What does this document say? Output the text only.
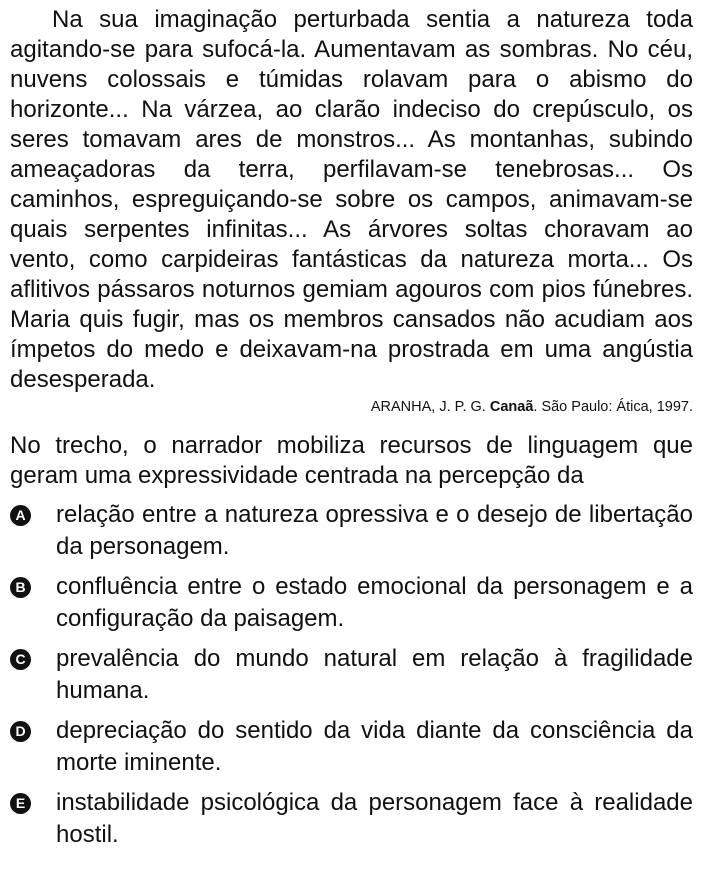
Na sua imaginação perturbada sentia a natureza toda agitando-se para sufocá-la. Aumentavam as sombras. No céu, nuvens colossais e túmidas rolavam para o abismo do horizonte... Na várzea, ao clarão indeciso do crepúsculo, os seres tomavam ares de monstros... As montanhas, subindo ameaçadoras da terra, perfilavam-se tenebrosas... Os caminhos, espreguiçando-se sobre os campos, animavam-se quais serpentes infinitas... As árvores soltas choravam ao vento, como carpideiras fantásticas da natureza morta... Os aflitivos pássaros noturnos gemiam agouros com pios fúnebres. Maria quis fugir, mas os membros cansados não acudiam aos ímpetos do medo e deixavam-na prostrada em uma angústia desesperada.

ARANHA, J. P. G. Canaã. São Paulo: Ática, 1997.

No trecho, o narrador mobiliza recursos de linguagem que geram uma expressividade centrada na percepção da

A relação entre a natureza opressiva e o desejo de libertação da personagem.
B confluência entre o estado emocional da personagem e a configuração da paisagem.
C prevalência do mundo natural em relação à fragilidade humana.
D depreciação do sentido da vida diante da consciência da morte iminente.
E instabilidade psicológica da personagem face à realidade hostil.
